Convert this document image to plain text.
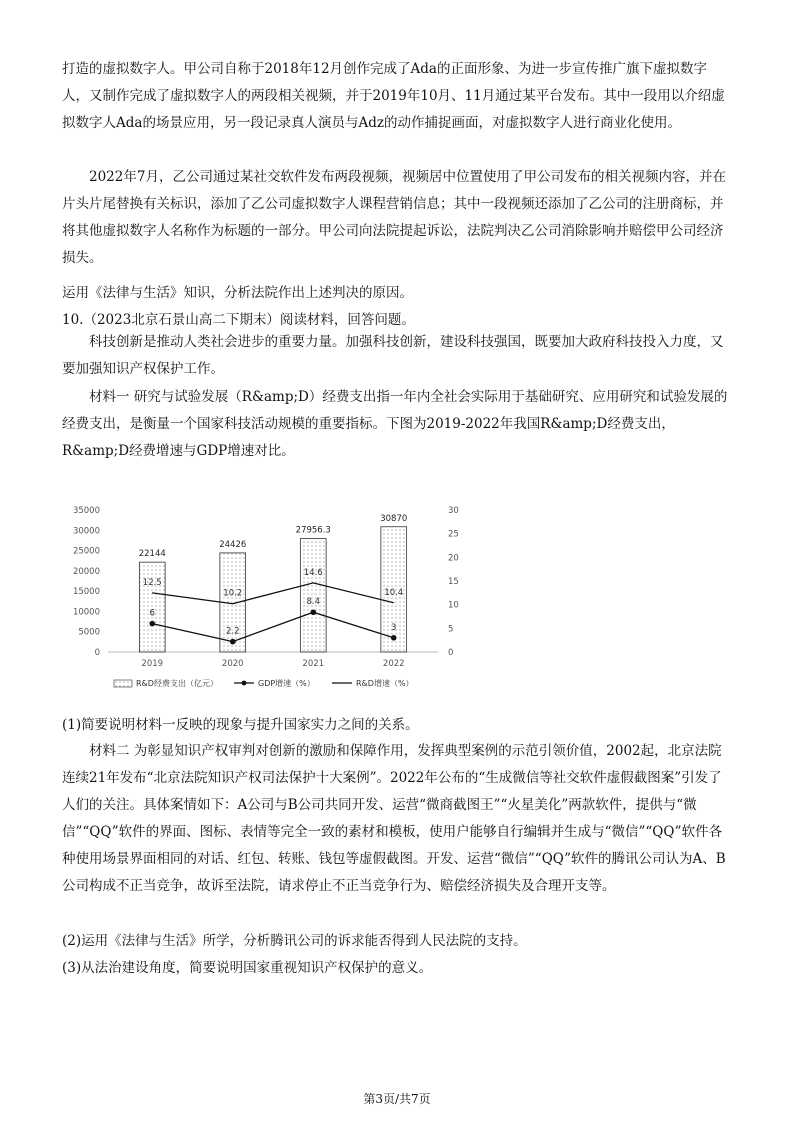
打造的虚拟数字人。甲公司自称于2018年12月创作完成了Ada的正面形象、为进一步宣传推广旗下虚拟数字人，又制作完成了虚拟数字人的两段相关视频，并于2019年10月、11月通过某平台发布。其中一段用以介绍虚拟数字人Ada的场景应用，另一段记录真人演员与Adz的动作捕捉画面，对虚拟数字人进行商业化使用。

2022年7月，乙公司通过某社交软件发布两段视频，视频居中位置使用了甲公司发布的相关视频内容，并在片头片尾替换有关标识，添加了乙公司虚拟数字人课程营销信息；其中一段视频还添加了乙公司的注册商标，并将其他虚拟数字人名称作为标题的一部分。甲公司向法院提起诉讼，法院判决乙公司消除影响并赔偿甲公司经济损失。

运用《法律与生活》知识，分析法院作出上述判决的原因。

10.（2023北京石景山高二下期末）阅读材料，回答问题。

科技创新是推动人类社会进步的重要力量。加强科技创新，建设科技强国，既要加大政府科技投入力度，又要加强知识产权保护工作。

材料一 研究与试验发展（R&amp;D）经费支出指一年内全社会实际用于基础研究、应用研究和试验发展的经费支出，是衡量一个国家科技活动规模的重要指标。下图为2019-2022年我国R&amp;D经费支出，R&amp;D经费增速与GDP增速对比。

0
5000
10000
15000
20000
25000
30000
35000
0
5
10
15
20
25
30
22144
24426
27956.3
30870
6
2.2
8.4
3
12.5
10.2
14.6
10.4
2019	2020	2021	2022
R&D经费支出（亿元）	GDP增速（%）	R&D增速（%）

(1)简要说明材料一反映的现象与提升国家实力之间的关系。

材料二 为彰显知识产权审判对创新的激励和保障作用，发挥典型案例的示范引领价值，2002起，北京法院连续21年发布“北京法院知识产权司法保护十大案例”。2022年公布的“生成微信等社交软件虚假截图案”引发了人们的关注。具体案情如下：A公司与B公司共同开发、运营“微商截图王”“火星美化”两款软件，提供与“微信”“QQ”软件的界面、图标、表情等完全一致的素材和模板，使用户能够自行编辑并生成与“微信”“QQ”软件各种使用场景界面相同的对话、红包、转账、钱包等虚假截图。开发、运营“微信”“QQ”软件的腾讯公司认为A、B公司构成不正当竞争，故诉至法院，请求停止不正当竞争行为、赔偿经济损失及合理开支等。

(2)运用《法律与生活》所学，分析腾讯公司的诉求能否得到人民法院的支持。

(3)从法治建设角度，简要说明国家重视知识产权保护的意义。

第3页/共7页
